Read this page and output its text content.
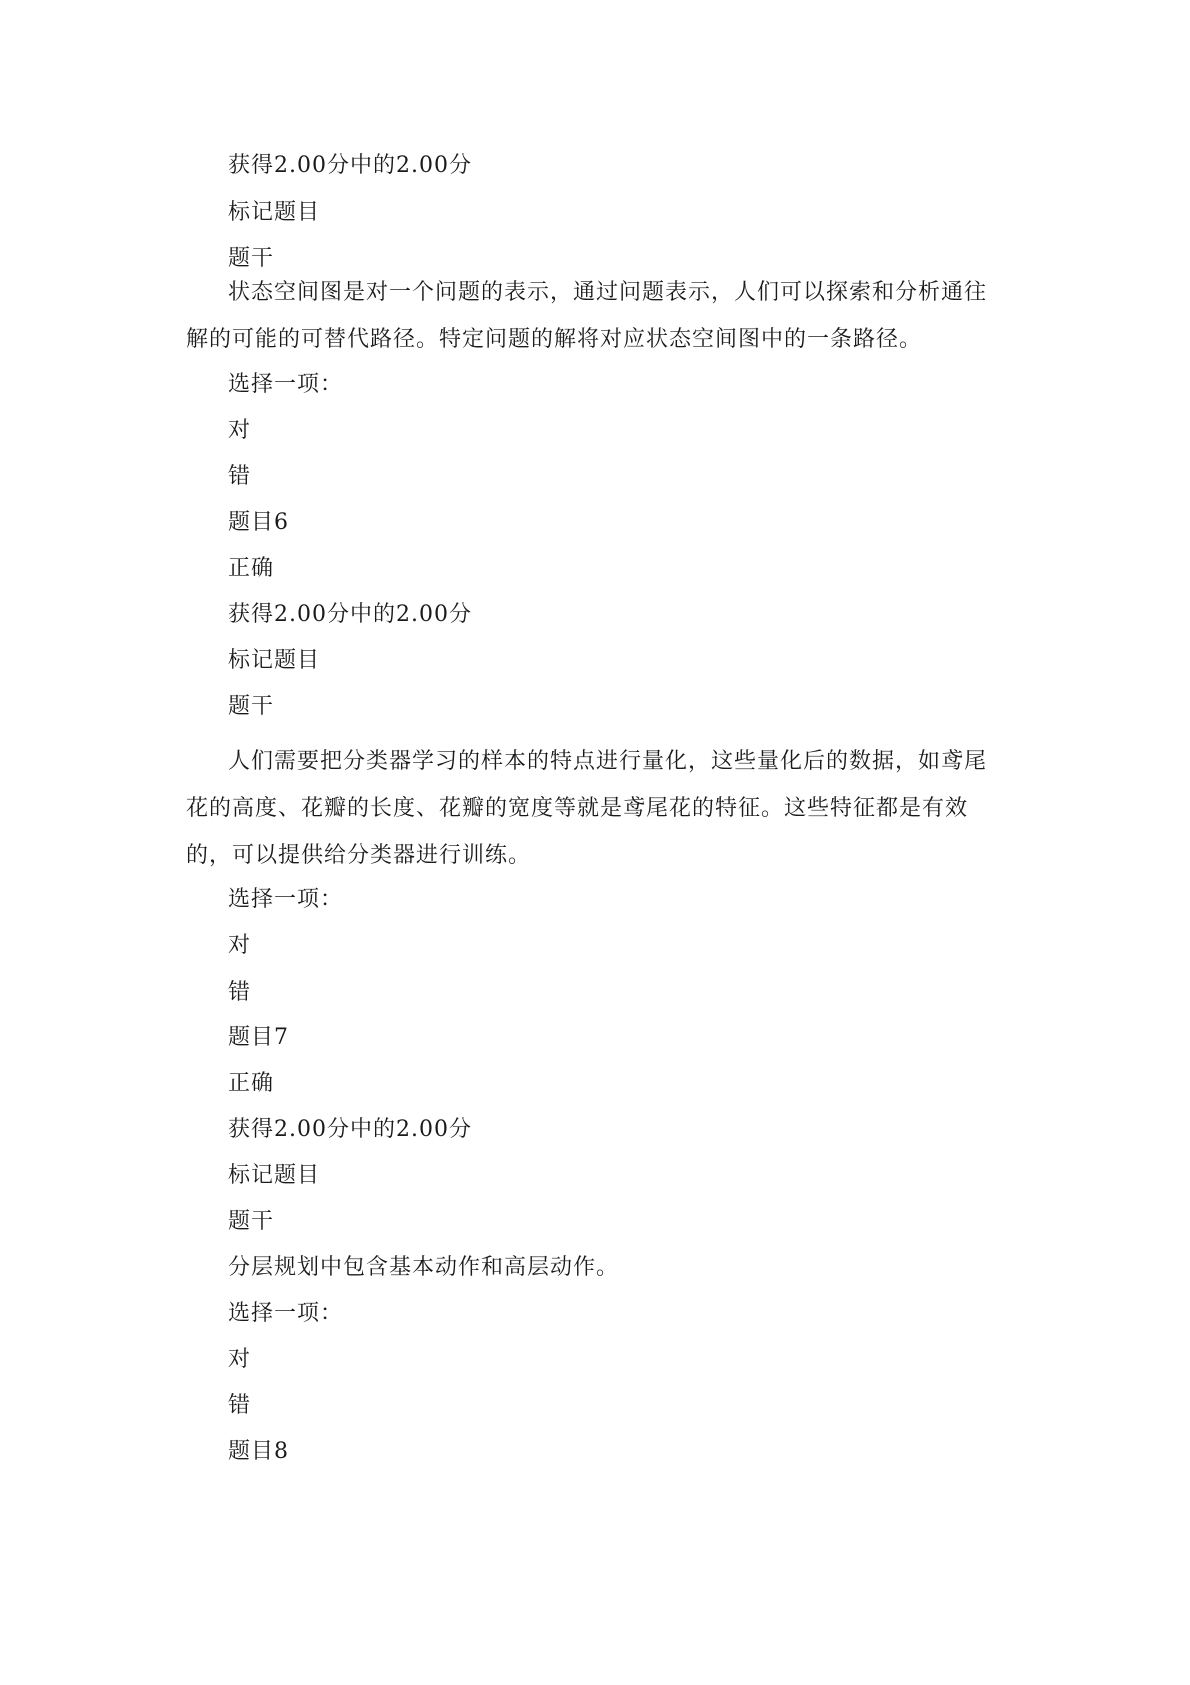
获得2.00分中的2.00分
标记题目
题干
状态空间图是对一个问题的表示，通过问题表示，人们可以探索和分析通往解的可能的可替代路径。特定问题的解将对应状态空间图中的一条路径。
选择一项：
对
错
题目6
正确
获得2.00分中的2.00分
标记题目
题干
人们需要把分类器学习的样本的特点进行量化，这些量化后的数据，如鸢尾花的高度、花瓣的长度、花瓣的宽度等就是鸢尾花的特征。这些特征都是有效的，可以提供给分类器进行训练。
选择一项：
对
错
题目7
正确
获得2.00分中的2.00分
标记题目
题干
分层规划中包含基本动作和高层动作。
选择一项：
对
错
题目8
